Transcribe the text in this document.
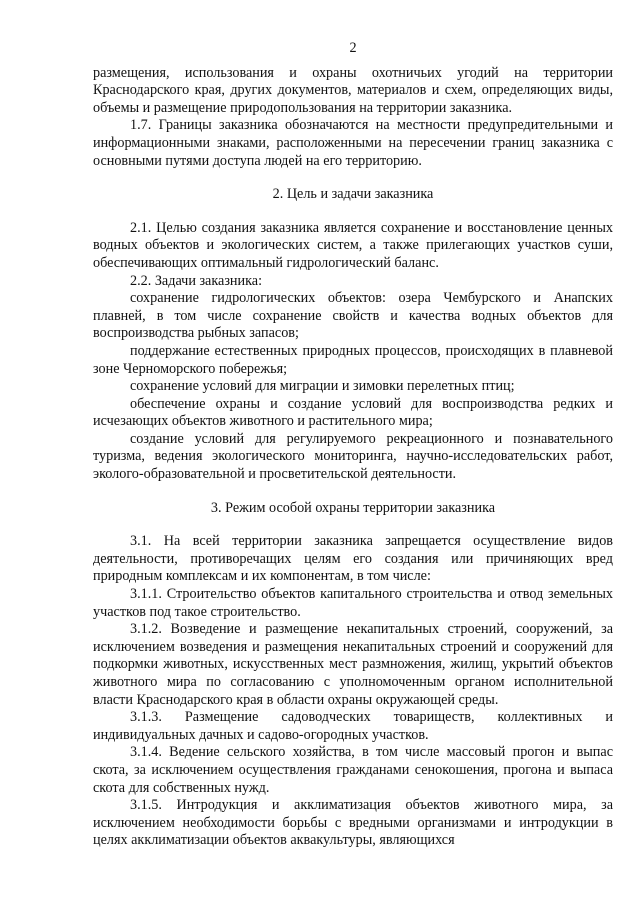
2

размещения, использования и охраны охотничьих угодий на территории Краснодарского края, других документов, материалов и схем, определяющих виды, объемы и размещение природопользования на территории заказника.

1.7. Границы заказника обозначаются на местности предупредительными и информационными знаками, расположенными на пересечении границ заказника с основными путями доступа людей на его территорию.

2. Цель и задачи заказника

2.1. Целью создания заказника является сохранение и восстановление ценных водных объектов и экологических систем, а также прилегающих участков суши, обеспечивающих оптимальный гидрологический баланс.

2.2. Задачи заказника:

сохранение гидрологических объектов: озера Чембурского и Анапских плавней, в том числе сохранение свойств и качества водных объектов для воспроизводства рыбных запасов;

поддержание естественных природных процессов, происходящих в плавневой зоне Черноморского побережья;

сохранение условий для миграции и зимовки перелетных птиц;

обеспечение охраны и создание условий для воспроизводства редких и исчезающих объектов животного и растительного мира;

создание условий для регулируемого рекреационного и познавательного туризма, ведения экологического мониторинга, научно-исследовательских работ, эколого-образовательной и просветительской деятельности.

3. Режим особой охраны территории заказника

3.1. На всей территории заказника запрещается осуществление видов деятельности, противоречащих целям его создания или причиняющих вред природным комплексам и их компонентам, в том числе:

3.1.1. Строительство объектов капитального строительства и отвод земельных участков под такое строительство.

3.1.2. Возведение и размещение некапитальных строений, сооружений, за исключением возведения и размещения некапитальных строений и сооружений для подкормки животных, искусственных мест размножения, жилищ, укрытий объектов животного мира по согласованию с уполномоченным органом исполнительной власти Краснодарского края в области охраны окружающей среды.

3.1.3. Размещение садоводческих товариществ, коллективных и индивидуальных дачных и садово-огородных участков.

3.1.4. Ведение сельского хозяйства, в том числе массовый прогон и выпас скота, за исключением осуществления гражданами сенокошения, прогона и выпаса скота для собственных нужд.

3.1.5. Интродукция и акклиматизация объектов животного мира, за исключением необходимости борьбы с вредными организмами и интродукции в целях акклиматизации объектов аквакультуры, являющихся
